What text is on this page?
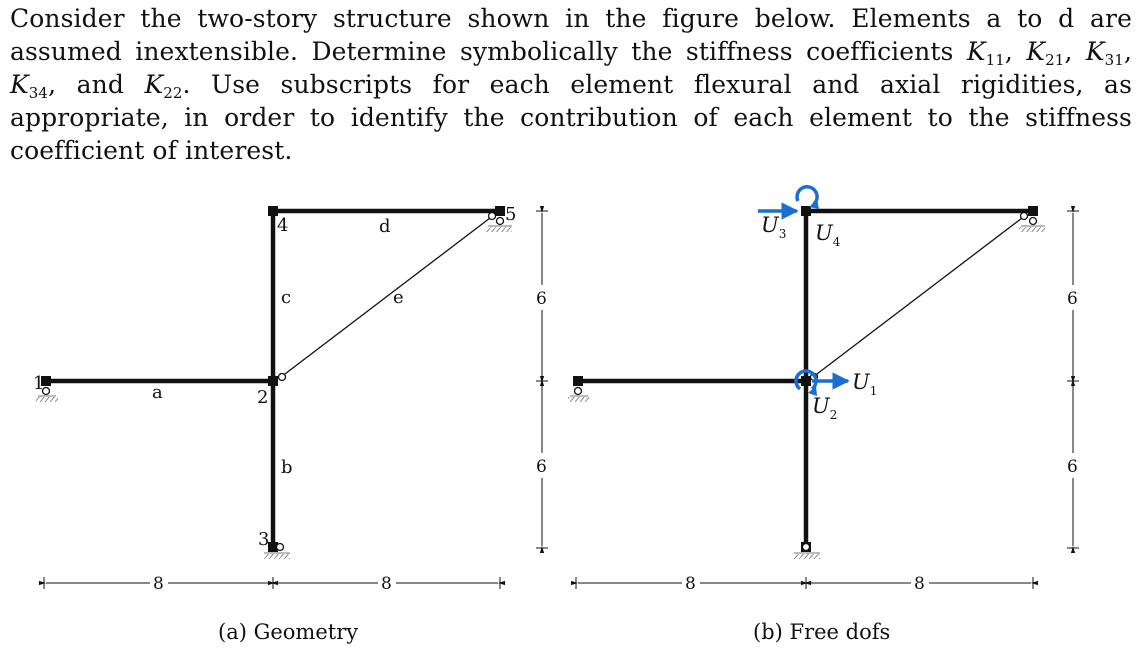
Consider the two-story structure shown in the figure below. Elements a to d are assumed inextensible. Determine symbolically the stiffness coefficients $K_{11}$, $K_{21}$, $K_{31}$, $K_{34}$, and $K_{22}$. Use subscripts for each element flexural and axial rigidities, as appropriate, in order to identify the contribution of each element to the stiffness coefficient of interest.

1
2
3
4
5
a
b
c
d
e	6
6
8	8
(a) Geometry
$U_1$
$U_2$
$U_3$ $U_4$
6
6
8	8
(b) Free dofs
